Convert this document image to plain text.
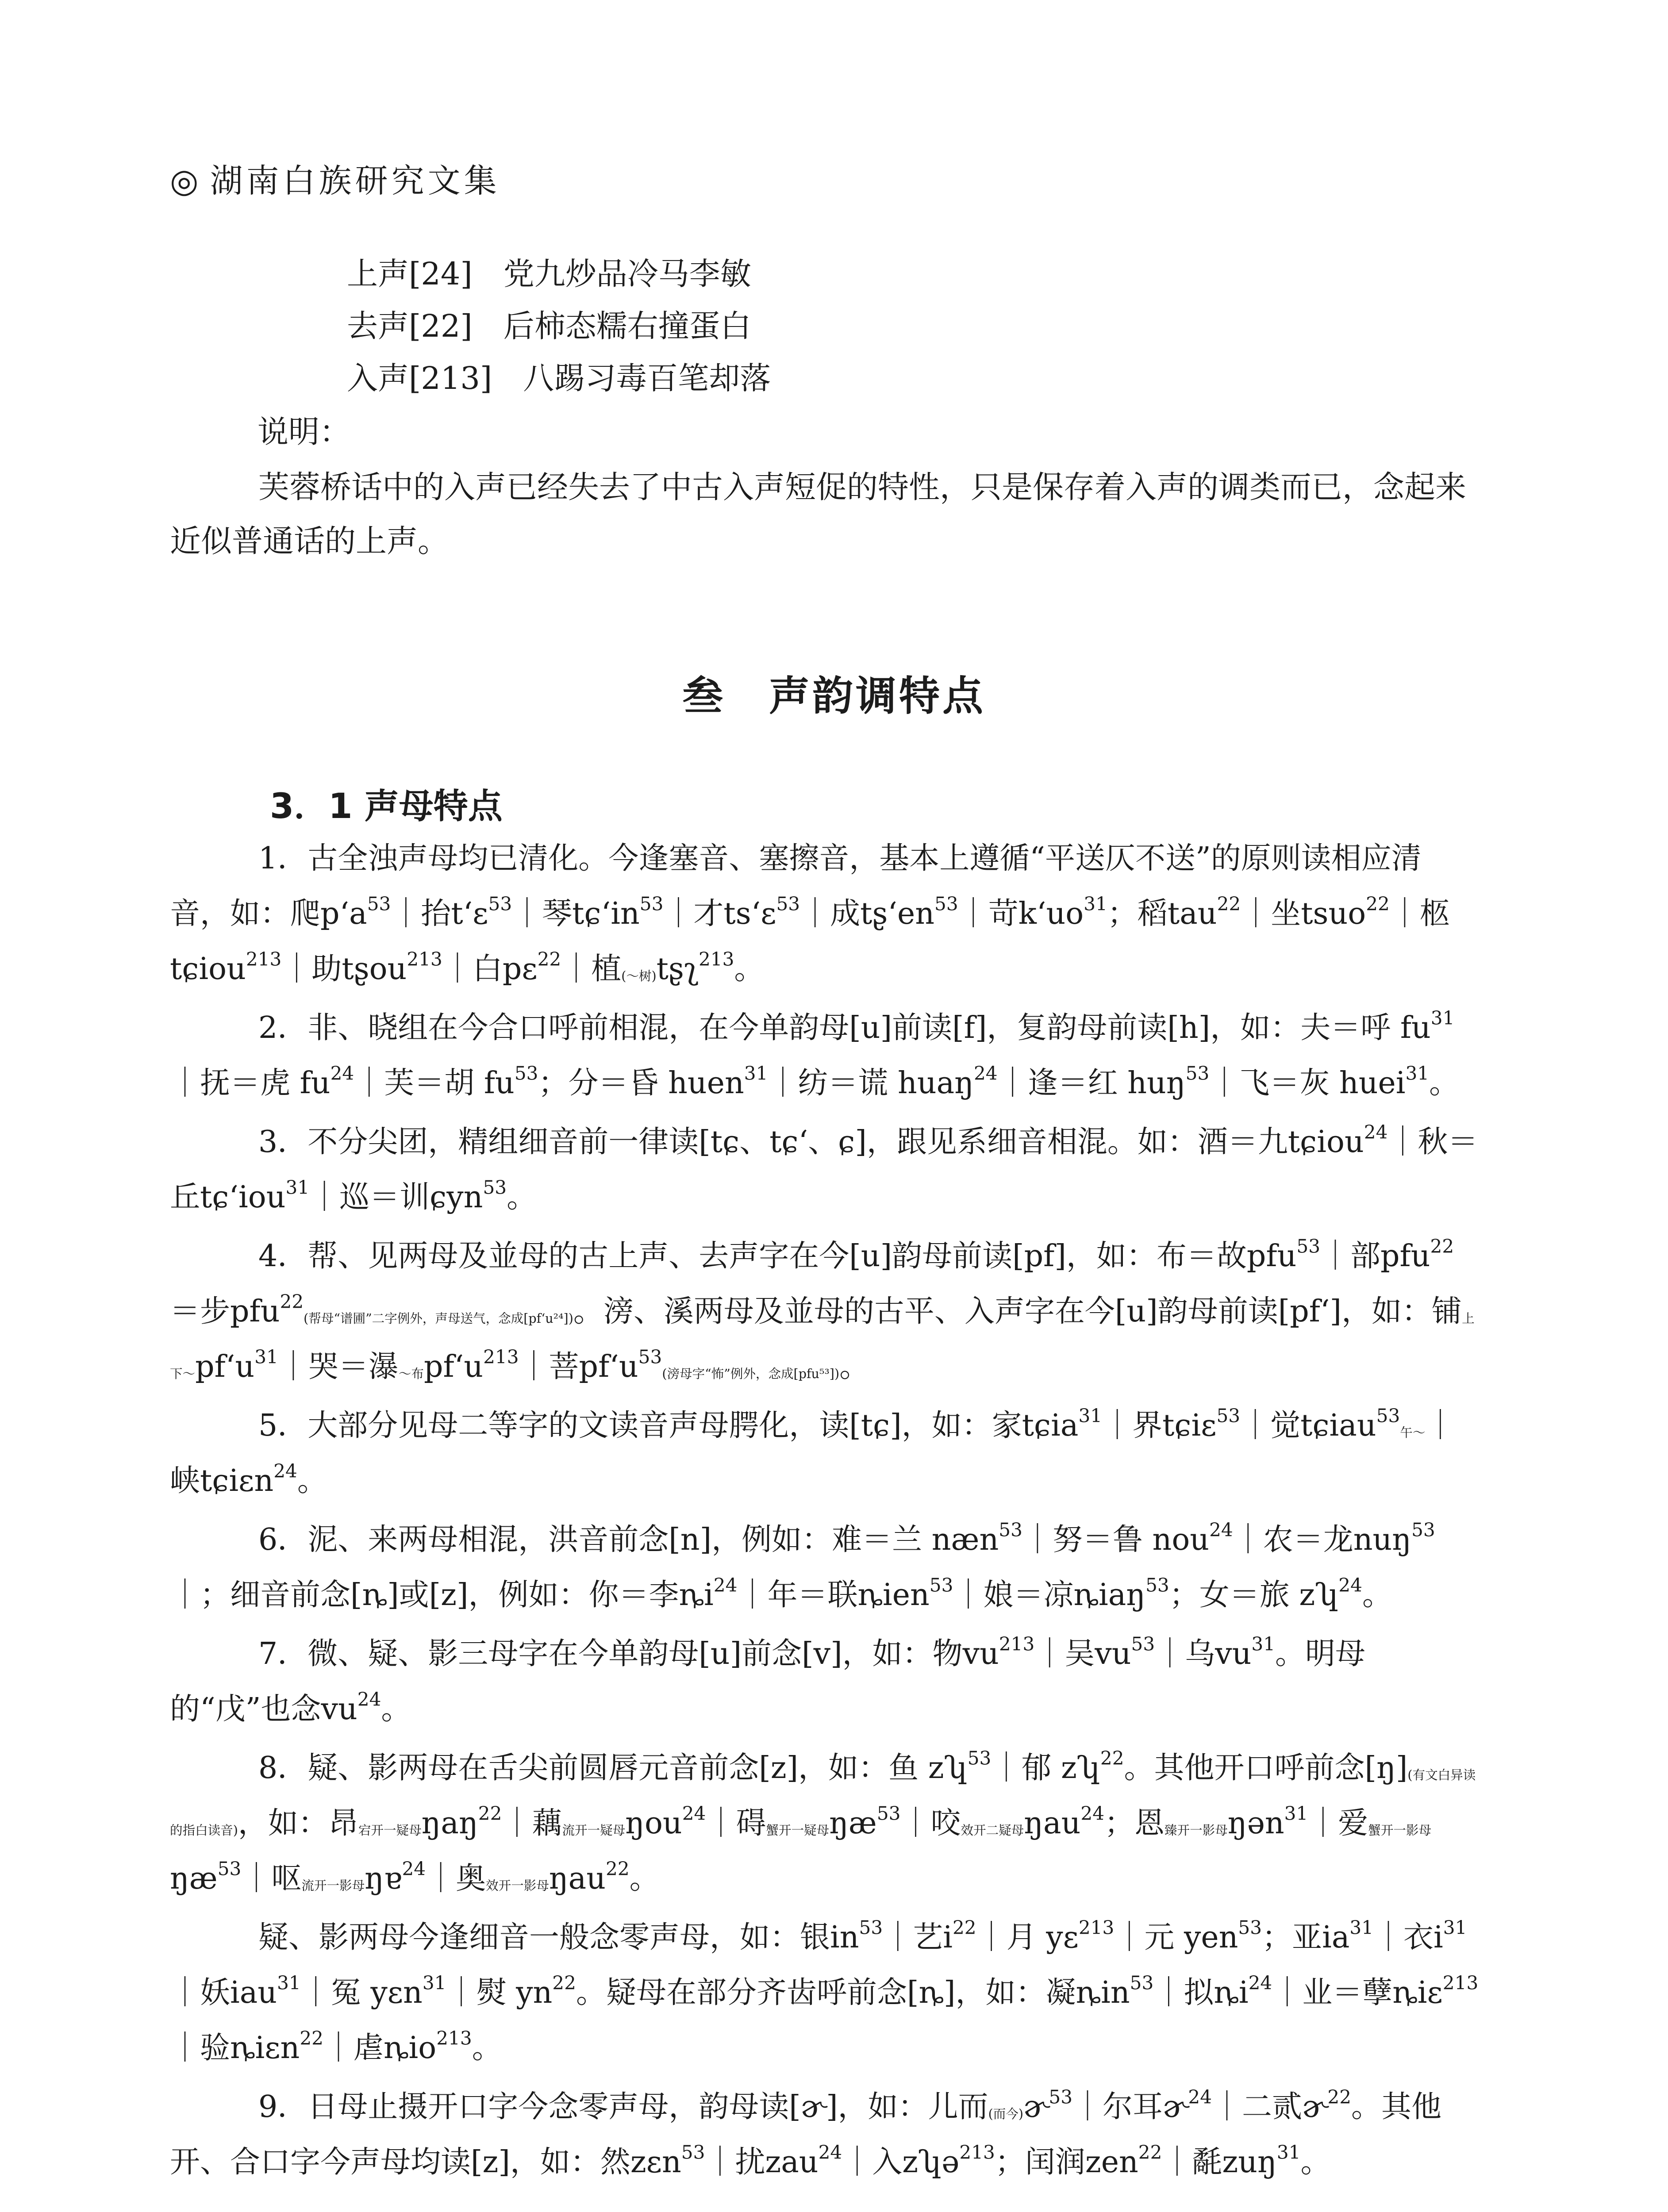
◎ 湖南白族研究文集
上声[24]　党九炒品冷马李敏
去声[22]　后柿态糯右撞蛋白
入声[213]　八踢习毒百笔却落
说明：
芙蓉桥话中的入声已经失去了中古入声短促的特性，只是保存着入声的调类而已，念起来近似普通话的上声。
叁　声韵调特点
3．1 声母特点

1．古全浊声母均已清化。今逢塞音、塞擦音，基本上遵循“平送仄不送”的原则读相应清音，如：爬$p‘a^{53}|$抬t‘ɛ$^{53}$｜琴$tɕ‘in^{53}|$才ts‘ɛ$^{53}$｜成$tʂ‘en^{53}|$苛$k‘uo^{31}$；稻tau$^{22}$｜坐tsuo$^{22}$｜柩tɕiou$^{213}$｜助tʂou$^{213}$｜白pɛ$^{22}$｜植$_{(\sim 树)}$tʂʅ$^{213}$。

2．非、晓组在今合口呼前相混，在今单韵母[u]前读[f]，复韵母前读[h]，如：夫＝呼 $fu^{31}|$抚＝虎 $fu^{24}|$芙＝胡 $fu^{53}$；分＝昏 huen$^{31}$｜纺＝谎 huaŋ$^{24}$｜逢＝红 huŋ$^{53}$｜飞＝灰 huei$^{31}$。

3．不分尖团，精组细音前一律读[tɕ、tɕ‘、ɕ]，跟见系细音相混。如：酒＝九tɕiou$^{24}$｜秋＝丘tɕ‘iou$^{31}$｜巡＝训ɕyn$^{53}$。

4．帮、见两母及並母的古上声、去声字在今[u]韵母前读[pf]，如：布＝故pfu$^{53}$｜部pfu$^{22}$＝步pfu$^{22}_{(帮母“谱圃”二字例外,声母送气,念成[pf‘u^{24}])}$。滂、溪两母及並母的古平、入声字在今[u]韵母前读[pf‘]，如：铺$_{上下\sim}pf‘u^{31}|$哭＝瀑$_{\sim 布}pf‘u^{213}|$菩$pf‘u^{53}_{(滂母字“怖”例外,念成[pfu^{53}])}$。

5．大部分见母二等字的文读音声母腭化，读[tɕ]，如：家tɕia$^{31}$｜界tɕiɛ$^{53}$｜觉tɕiau$^{53}_{午\sim}$｜峡tɕiɛn$^{24}$。

6．泥、来两母相混，洪音前念[n]，例如：难＝兰 næn$^{53}$｜努＝鲁 nou$^{24}$｜农＝龙nuŋ$^{53}$｜；细音前念[ȵ]或[z]，例如：你＝李$ȵi^{24}|$年＝联ȵien$^{53}$｜娘＝凉ȵiaŋ$^{53}$；女＝旅 zʮ$^{24}$。

7．微、疑、影三母字在今单韵母[u]前念[v]，如：物$vu^{213}|$吴$vu^{53}|$乌$vu^{31}$。明母的“戊”也念$vu^{24}$。

8．疑、影两母在舌尖前圆唇元音前念[z]，如：鱼 zʮ$^{53}$｜郁 zʮ$^{22}$。其他开口呼前念$[ŋ]_{(有文白异读的指白读音)}$，如：昂$_{宕开一疑母}$ŋaŋ$^{22}$｜藕$_{流开一疑母}$ŋou$^{24}$｜碍$_{蟹开一疑母}ŋæ^{53}|$咬$_{效开二疑母}$ŋau$^{24}$；恩$_{臻开一影母}$ŋən$^{31}$｜爱$_{蟹开一影母}ŋæ^{53}|$呕$_{流开一影母}$ŋɐ$^{24}$｜奥$_{效开一影母}$ŋau$^{22}$。

疑、影两母今逢细音一般念零声母，如：银$in^{53}|$艺$i^{22}|$月 yɛ$^{213}$｜元 yen$^{53}$；亚$ia^{31}|$衣$i^{31}|$妖iau$^{31}$｜冤 yɛn$^{31}$｜熨 $yn^{22}$。疑母在部分齐齿呼前念[ȵ]，如：凝ȵin$^{53}$｜拟$ȵi^{24}|$业＝孽ȵiɛ$^{213}$｜验ȵiɛn$^{22}$｜虐ȵio$^{213}$。

9．日母止摄开口字今念零声母，韵母读[ɚ]，如：儿而$_{(而今)}$ɚ$^{53}$｜尔耳ɚ$^{24}$｜二贰ɚ$^{22}$。其他开、合口字今声母均读[z]，如：然zɛn$^{53}$｜扰zau$^{24}$｜入zʮə$^{213}$；闰润zen$^{22}$｜氄zuŋ$^{31}$。
